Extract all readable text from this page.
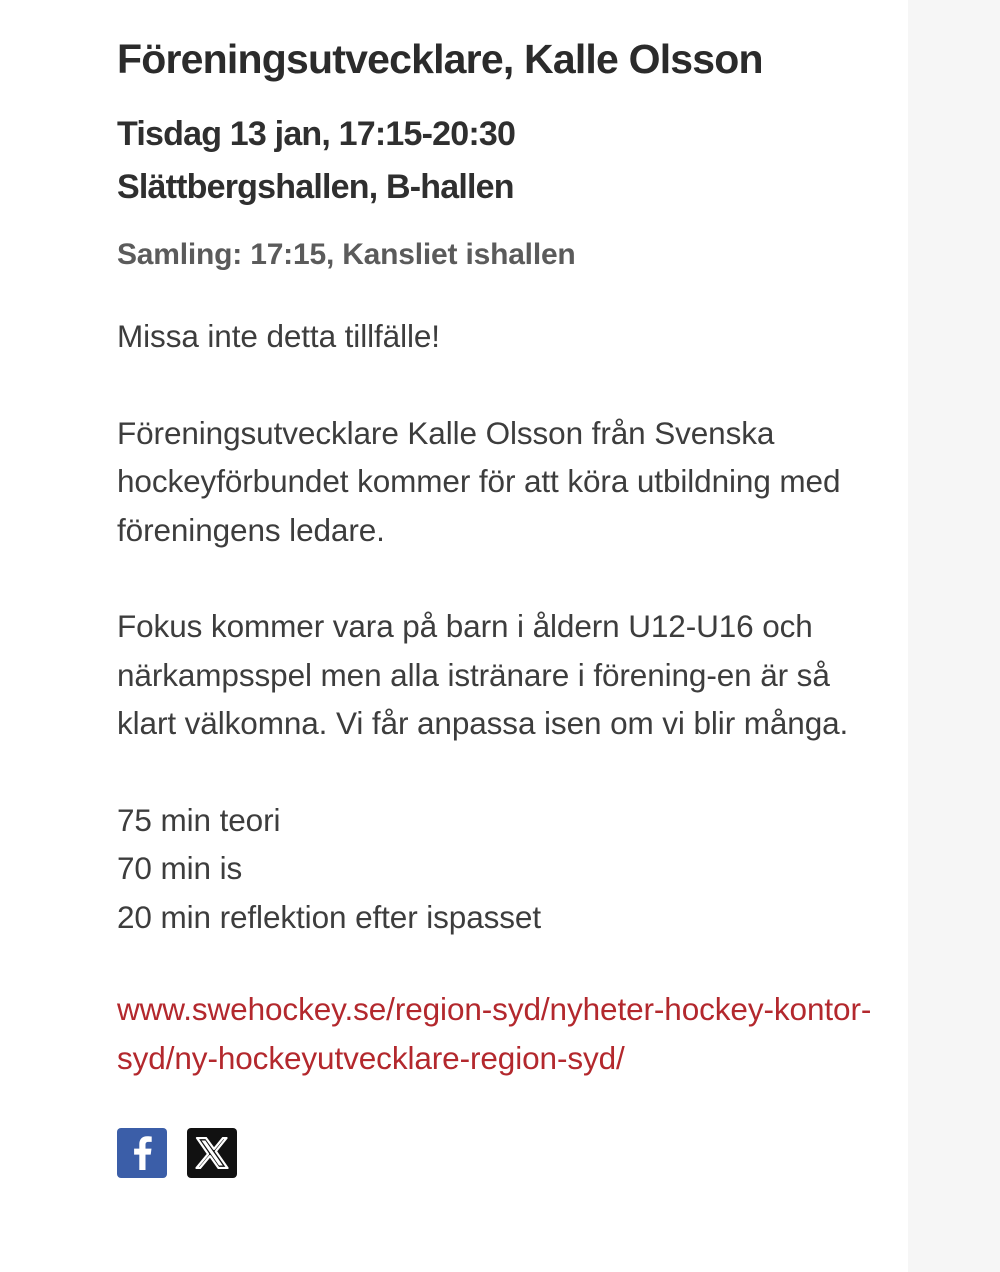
Föreningsutvecklare, Kalle Olsson
Tisdag 13 jan, 17:15-20:30
Slättbergshallen, B-hallen
Samling: 17:15, Kansliet ishallen
Missa inte detta tillfälle!
Föreningsutvecklare Kalle Olsson från Svenska hockeyförbundet kommer för att köra utbildning med föreningens ledare.
Fokus kommer vara på barn i åldern U12-U16 och närkampsspel men alla istränare i förening-en är så klart välkomna. Vi får anpassa isen om vi blir många.
75 min teori
70 min is
20 min reflektion efter ispasset
www.swehockey.se/region-syd/nyheter-hockey-kontor-syd/ny-hockeyutvecklare-region-syd/
